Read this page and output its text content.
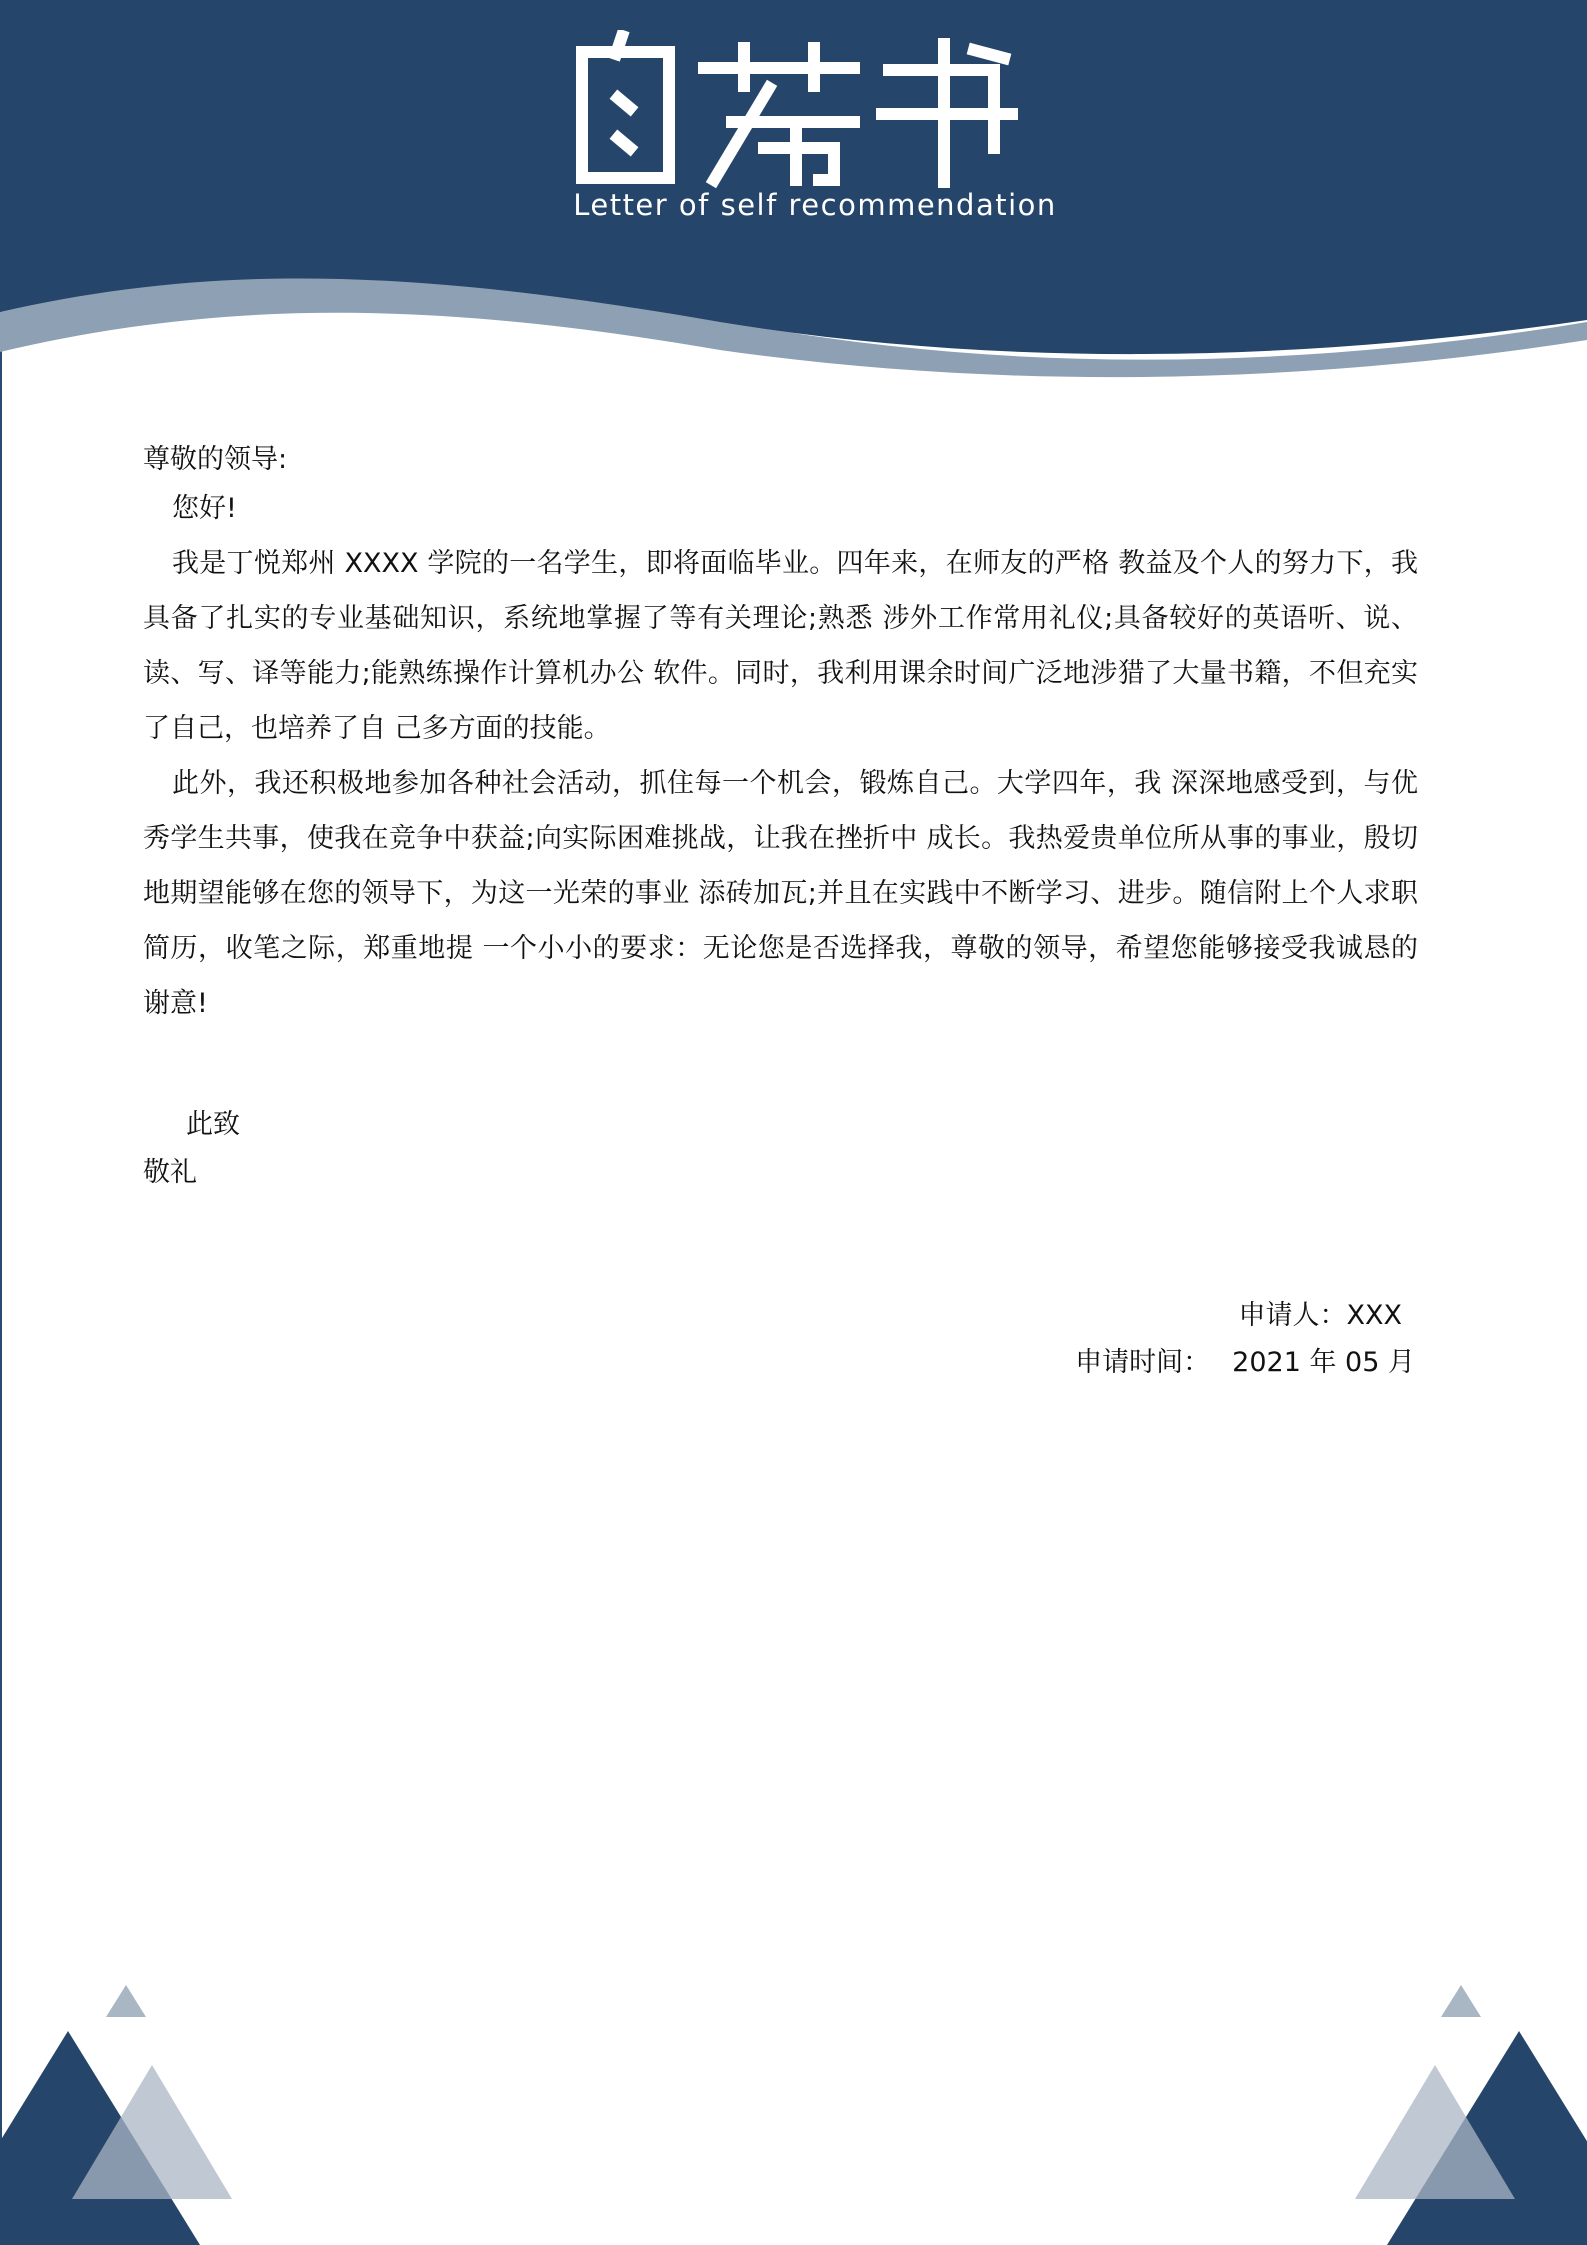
Letter of self recommendation

尊敬的领导:

您好!

我是丁悦郑州 XXXX 学院的一名学生，即将面临毕业。四年来，在师友的严格 教益及个人的努力下，我具备了扎实的专业基础知识，系统地掌握了等有关理论;熟悉 涉外工作常用礼仪;具备较好的英语听、说、读、写、译等能力;能熟练操作计算机办公 软件。同时，我利用课余时间广泛地涉猎了大量书籍，不但充实了自己，也培养了自 己多方面的技能。

此外，我还积极地参加各种社会活动，抓住每一个机会，锻炼自己。大学四年，我 深深地感受到，与优秀学生共事，使我在竞争中获益;向实际困难挑战，让我在挫折中 成长。我热爱贵单位所从事的事业，殷切地期望能够在您的领导下，为这一光荣的事业 添砖加瓦;并且在实践中不断学习、进步。随信附上个人求职简历，收笔之际，郑重地提 一个小小的要求：无论您是否选择我，尊敬的领导，希望您能够接受我诚恳的谢意!

此致
敬礼
申请人：XXX
申请时间： 2021 年 05 月
